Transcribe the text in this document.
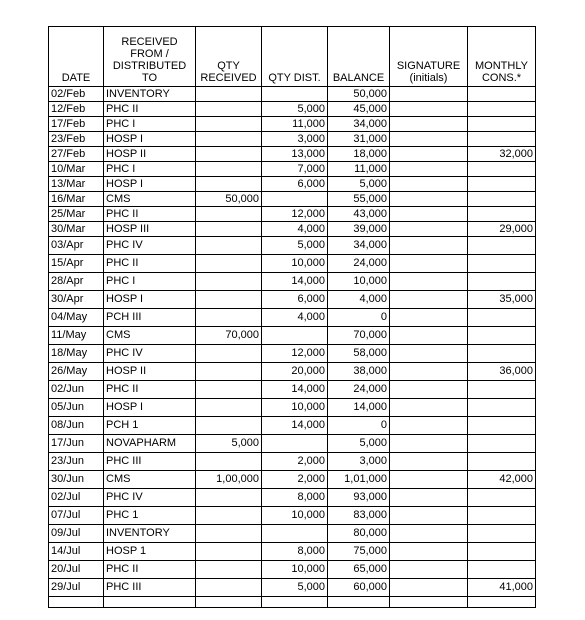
DATE	RECEIVED FROM / DISTRIBUTED TO	QTY RECEIVED	QTY DIST.	BALANCE	SIGNATURE (initials)	MONTHLY CONS.*
02/Feb	INVENTORY			50,000		
12/Feb	PHC II		5,000	45,000		
17/Feb	PHC I		11,000	34,000		
23/Feb	HOSP I		3,000	31,000		
27/Feb	HOSP II		13,000	18,000		32,000
10/Mar	PHC I		7,000	11,000		
13/Mar	HOSP I		6,000	5,000		
16/Mar	CMS	50,000		55,000		
25/Mar	PHC II		12,000	43,000		
30/Mar	HOSP III		4,000	39,000		29,000
03/Apr	PHC IV		5,000	34,000		
15/Apr	PHC II		10,000	24,000		
28/Apr	PHC I		14,000	10,000		
30/Apr	HOSP I		6,000	4,000		35,000
04/May	PCH III		4,000	0		
11/May	CMS	70,000		70,000		
18/May	PHC IV		12,000	58,000		
26/May	HOSP II		20,000	38,000		36,000
02/Jun	PHC II		14,000	24,000		
05/Jun	HOSP I		10,000	14,000		
08/Jun	PCH 1		14,000	0		
17/Jun	NOVAPHARM	5,000		5,000		
23/Jun	PHC III		2,000	3,000		
30/Jun	CMS	1,00,000	2,000	1,01,000		42,000
02/Jul	PHC IV		8,000	93,000		
07/Jul	PHC 1		10,000	83,000		
09/Jul	INVENTORY			80,000		
14/Jul	HOSP 1		8,000	75,000		
20/Jul	PHC II		10,000	65,000		
29/Jul	PHC III		5,000	60,000		41,000
